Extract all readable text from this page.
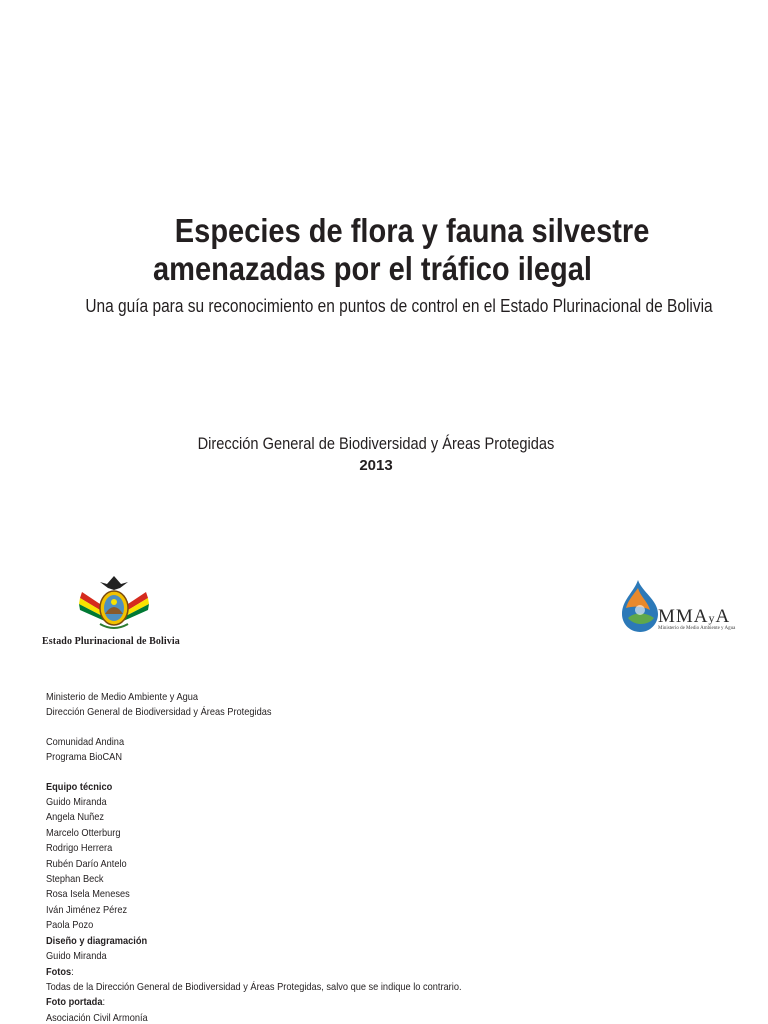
Especies de flora y fauna silvestre
amenazadas por el tráfico ilegal
Una guía para su reconocimiento en puntos de control en el Estado Plurinacional de Bolivia
Dirección General de Biodiversidad y Áreas Protegidas
2013
Estado Plurinacional de Bolivia
MMAyA
Ministerio de Medio Ambiente y Agua
Ministerio de Medio Ambiente y Agua
Dirección General de Biodiversidad y Áreas Protegidas
Comunidad Andina
Programa BioCAN
Equipo técnico
Guido Miranda
Angela Nuñez
Marcelo Otterburg
Rodrigo Herrera
Rubén Darío Antelo
Stephan Beck
Rosa Isela Meneses
Iván Jiménez Pérez
Paola Pozo
Diseño y diagramación
Guido Miranda
Fotos:
Todas de la Dirección General de Biodiversidad y Áreas Protegidas, salvo que se indique lo contrario.
Foto portada:
Asociación Civil Armonía
